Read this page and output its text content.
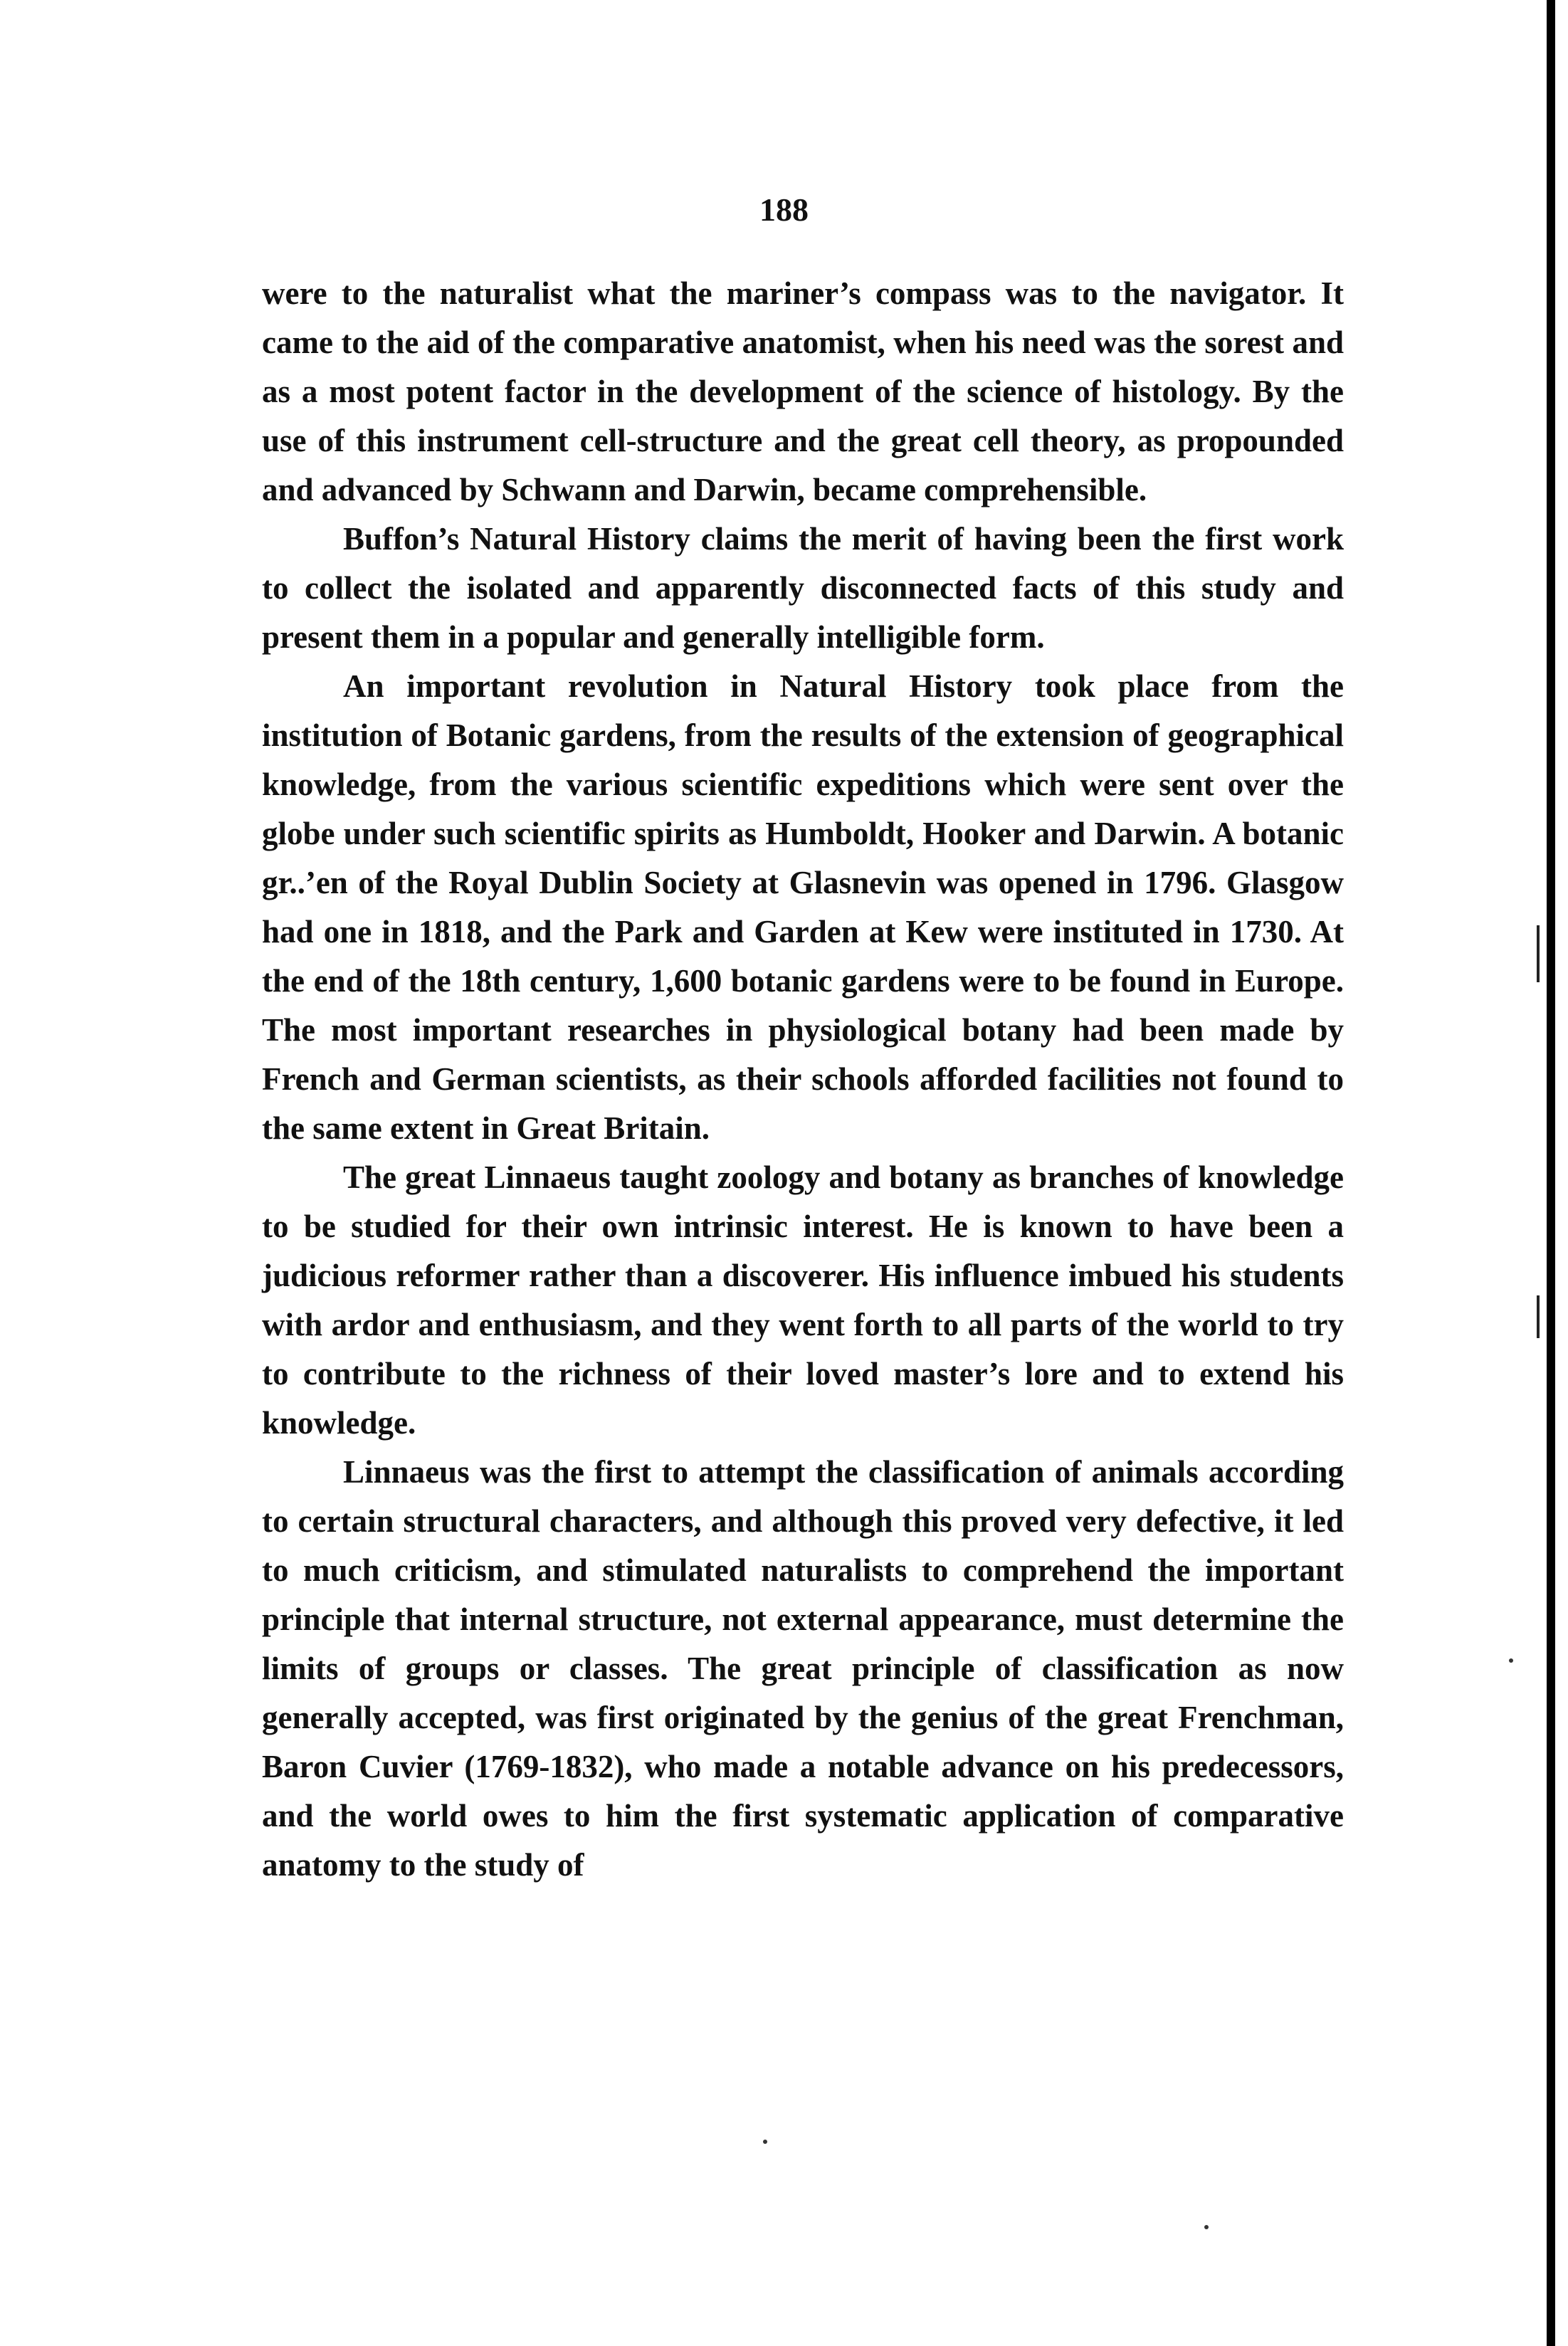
188

were to the naturalist what the mariner’s compass was to the navigator. It came to the aid of the comparative anatomist, when his need was the sorest and as a most potent factor in the development of the science of histology. By the use of this instrument cell-structure and the great cell theory, as propounded and advanced by Schwann and Darwin, became comprehensible.

Buffon’s Natural History claims the merit of having been the first work to collect the isolated and apparently disconnected facts of this study and present them in a popular and generally intelligible form.

An important revolution in Natural History took place from the institution of Botanic gardens, from the results of the extension of geographical knowledge, from the various scientific expeditions which were sent over the globe under such scientific spirits as Humboldt, Hooker and Darwin. A botanic gr..’en of the Royal Dublin Society at Glasnevin was opened in 1796. Glasgow had one in 1818, and the Park and Garden at Kew were instituted in 1730. At the end of the 18th century, 1,600 botanic gardens were to be found in Europe. The most important researches in physiological botany had been made by French and German scientists, as their schools afforded facilities not found to the same extent in Great Britain.

The great Linnaeus taught zoology and botany as branches of knowledge to be studied for their own intrinsic interest. He is known to have been a judicious reformer rather than a discoverer. His influence imbued his students with ardor and enthusiasm, and they went forth to all parts of the world to try to contribute to the richness of their loved master’s lore and to extend his knowledge.

Linnaeus was the first to attempt the classification of animals according to certain structural characters, and although this proved very defective, it led to much criticism, and stimulated naturalists to comprehend the important principle that internal structure, not external appearance, must determine the limits of groups or classes. The great principle of classification as now generally accepted, was first originated by the genius of the great Frenchman, Baron Cuvier (1769-1832), who made a notable advance on his predecessors, and the world owes to him the first systematic application of comparative anatomy to the study of
